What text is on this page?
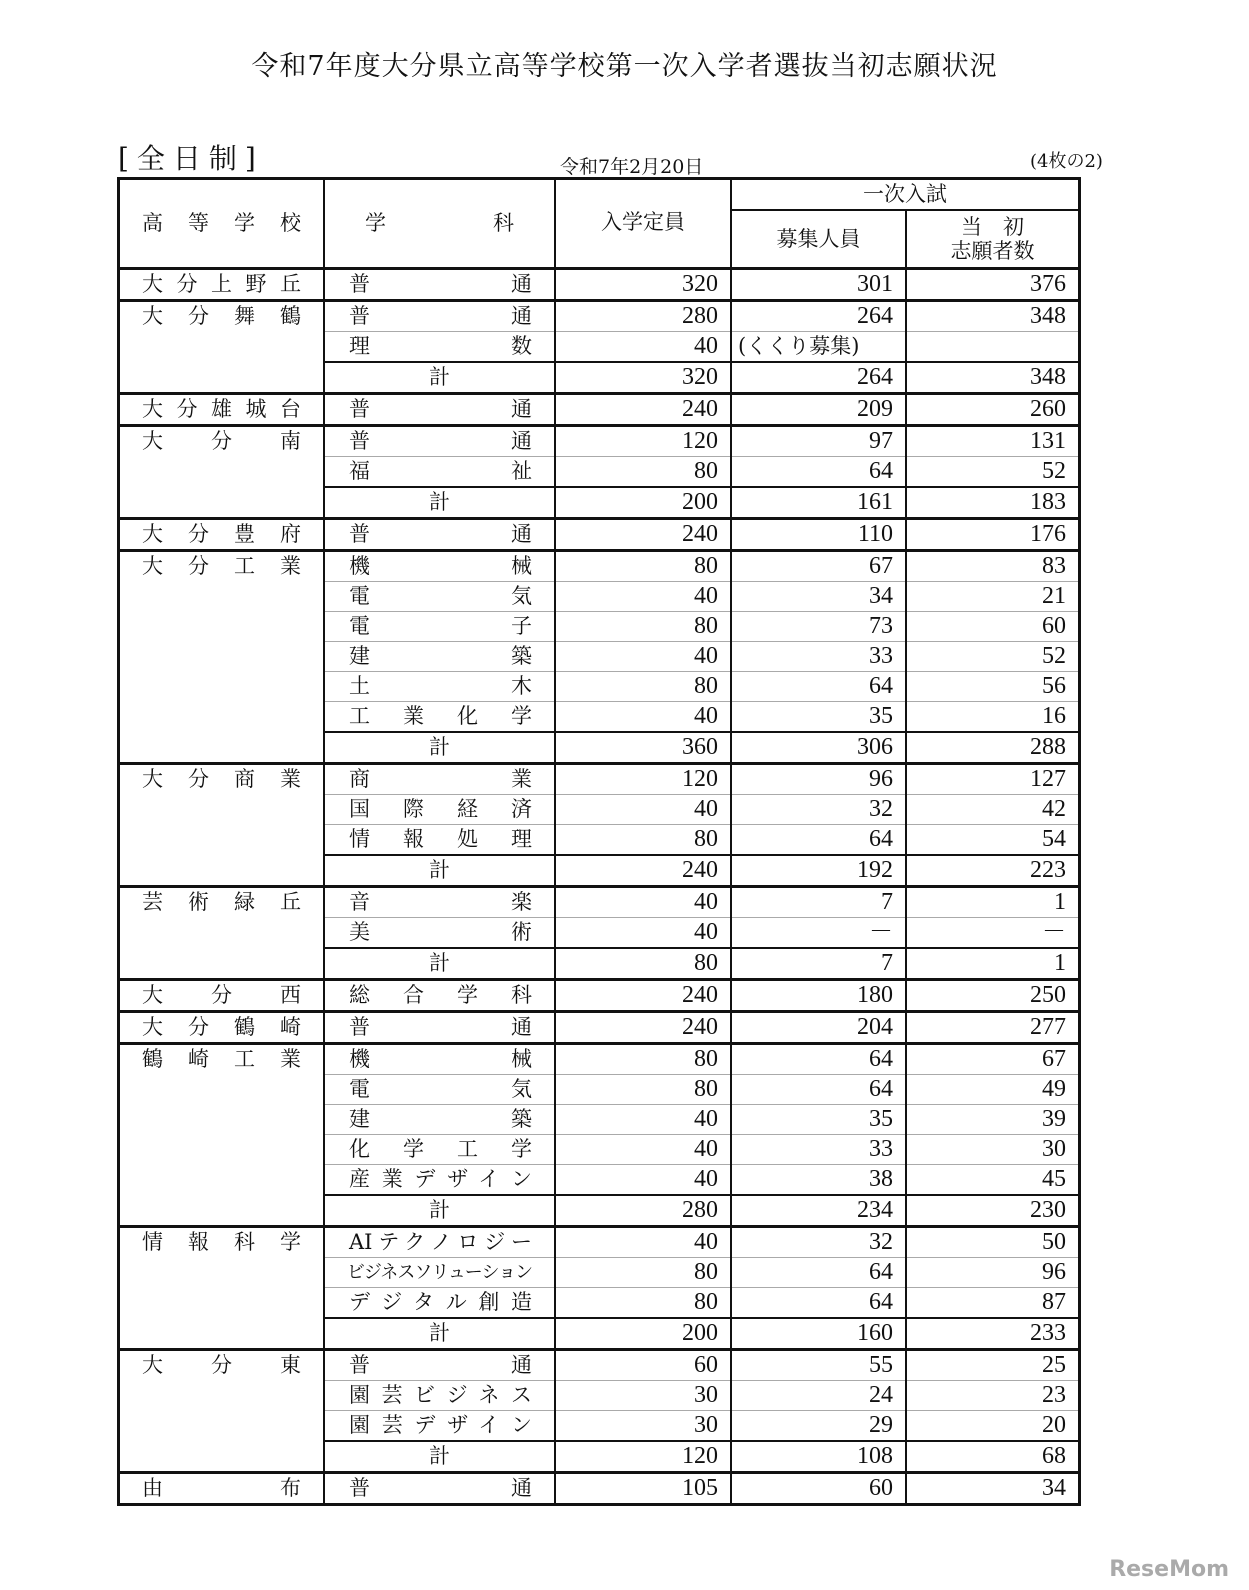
令和7年度大分県立高等学校第一次入学者選抜当初志願状況
[全日制]	令和7年2月20日	(4枚の2)
高等学校	学科	入学定員	一次入試	
			募集人員	当　初
志願者数

大分上野丘	普通	320	301	376

大分舞鶴	普通	280	264	348

	理数	40	(くくり募集)	
	計	320	264	348

大分雄城台	普通	240	209	260

大分南	普通	120	97	131

	福祉	80	64	52
	計	200	161	183

大分豊府	普通	240	110	176

大分工業	機械	80	67	83

	電気	40	34	21

	電子	80	73	60

	建築	40	33	52

	土木	80	64	56

	工業化学	40	35	16
	計	360	306	288

大分商業	商業	120	96	127

	国際経済	40	32	42

	情報処理	80	64	54
	計	240	192	223

芸術緑丘	音楽	40	7	1

	美術	40	－	－
	計	80	7	1

大分西	総合学科	240	180	250

大分鶴崎	普通	240	204	277

鶴崎工業	機械	80	64	67

	電気	80	64	49

	建築	40	35	39

	化学工学	40	33	30

	産業デザイン	40	38	45
	計	280	234	230

情報科学	AIテクノロジー	40	32	50
	ビジネスソリューション	80	64	96

	デジタル創造	80	64	87
	計	200	160	233

大分東	普通	60	55	25

	園芸ビジネス	30	24	23

	園芸デザイン	30	29	20
	計	120	108	68

由布	普通	105	60	34
ReseMom
